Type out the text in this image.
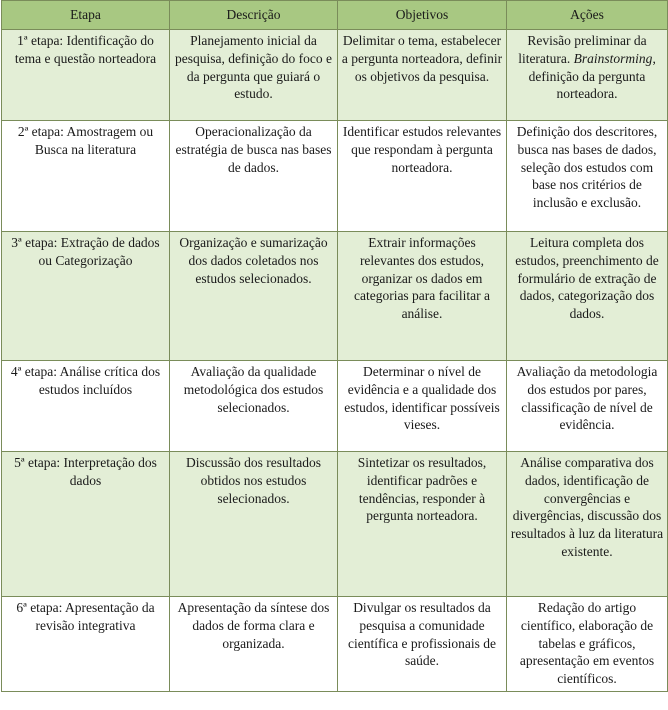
Etapa	Descrição	Objetivos	Ações
1ª etapa: Identificação do tema e questão norteadora	Planejamento inicial da pesquisa, definição do foco e da pergunta que guiará o estudo.	Delimitar o tema, estabelecer a pergunta norteadora, definir os objetivos da pesquisa.	Revisão preliminar da literatura. Brainstorming, definição da pergunta norteadora.
2ª etapa: Amostragem ou Busca na literatura	Operacionalização da estratégia de busca nas bases de dados.	Identificar estudos relevantes que respondam à pergunta norteadora.	Definição dos descritores, busca nas bases de dados, seleção dos estudos com base nos critérios de inclusão e exclusão.
3ª etapa: Extração de dados ou Categorização	Organização e sumarização dos dados coletados nos estudos selecionados.	Extrair informações relevantes dos estudos, organizar os dados em categorias para facilitar a análise.	Leitura completa dos estudos, preenchimento de formulário de extração de dados, categorização dos dados.
4ª etapa: Análise crítica dos estudos incluídos	Avaliação da qualidade metodológica dos estudos selecionados.	Determinar o nível de evidência e a qualidade dos estudos, identificar possíveis vieses.	Avaliação da metodologia dos estudos por pares, classificação de nível de evidência.
5ª etapa: Interpretação dos dados	Discussão dos resultados obtidos nos estudos selecionados.	Sintetizar os resultados, identificar padrões e tendências, responder à pergunta norteadora.	Análise comparativa dos dados, identificação de convergências e divergências, discussão dos resultados à luz da literatura existente.
6ª etapa: Apresentação da revisão integrativa	Apresentação da síntese dos dados de forma clara e organizada.	Divulgar os resultados da pesquisa a comunidade científica e profissionais de saúde.	Redação do artigo científico, elaboração de tabelas e gráficos, apresentação em eventos científicos.
